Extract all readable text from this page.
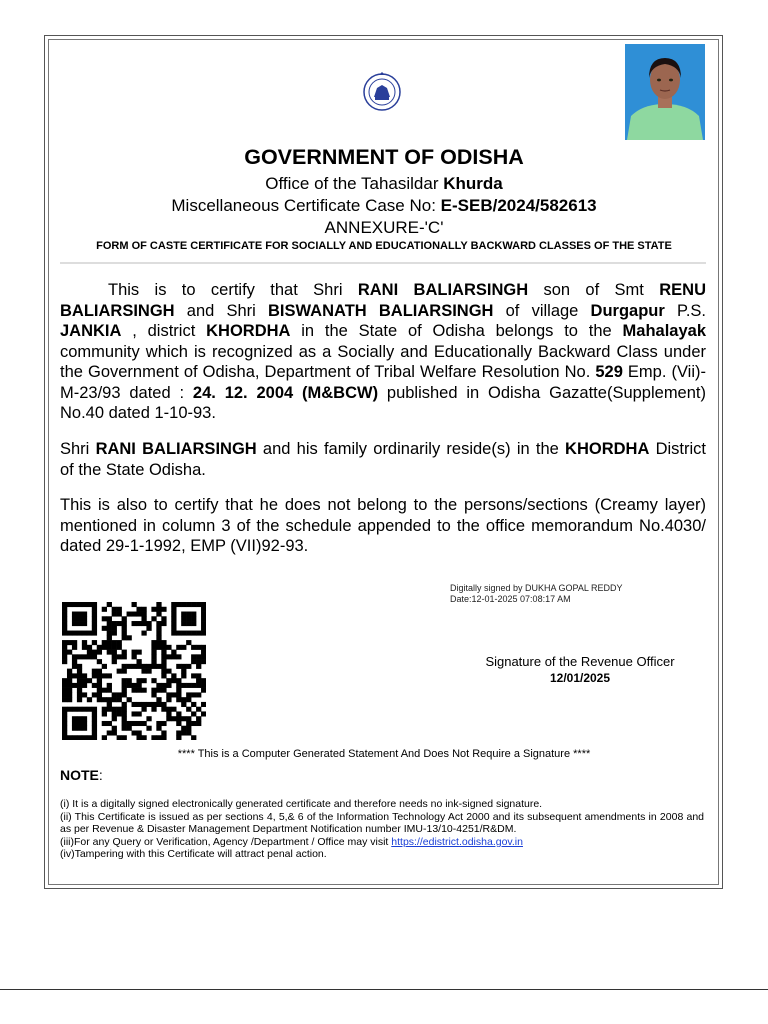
GOVERNMENT OF ODISHA
Office of the Tahasildar Khurda
Miscellaneous Certificate Case No: E-SEB/2024/582613
ANNEXURE-'C'
FORM OF CASTE CERTIFICATE FOR SOCIALLY AND EDUCATIONALLY BACKWARD CLASSES OF THE STATE
This is to certify that Shri RANI BALIARSINGH son of Smt RENU BALIARSINGH and Shri BISWANATH BALIARSINGH of village Durgapur P.S. JANKIA , district KHORDHA in the State of Odisha belongs to the Mahalayak community which is recognized as a Socially and Educationally Backward Class under the Government of Odisha, Department of Tribal Welfare Resolution No. 529 Emp. (Vii)-M-23/93 dated : 24. 12. 2004 (M&BCW) published in Odisha Gazatte(Supplement) No.40 dated 1-10-93.
Shri RANI BALIARSINGH and his family ordinarily reside(s) in the KHORDHA District of the State Odisha.
This is also to certify that he does not belong to the persons/sections (Creamy layer) mentioned in column 3 of the schedule appended to the office memorandum No.4030/ dated 29-1-1992, EMP (VII)92-93.
Digitally signed by DUKHA GOPAL REDDY
Date:12-01-2025 07:08:17 AM
Signature of the Revenue Officer
12/01/2025
**** This is a Computer Generated Statement And Does Not Require a Signature ****
NOTE:
(i) It is a digitally signed electronically generated certificate and therefore needs no ink-signed signature.
(ii) This Certificate is issued as per sections 4, 5,& 6 of the Information Technology Act 2000 and its subsequent amendments in 2008 and as per Revenue & Disaster Management Department Notification number IMU-13/10-4251/R&DM.
(iii)For any Query or Verification, Agency /Department / Office may visit https://edistrict.odisha.gov.in
(iv)Tampering with this Certificate will attract penal action.
